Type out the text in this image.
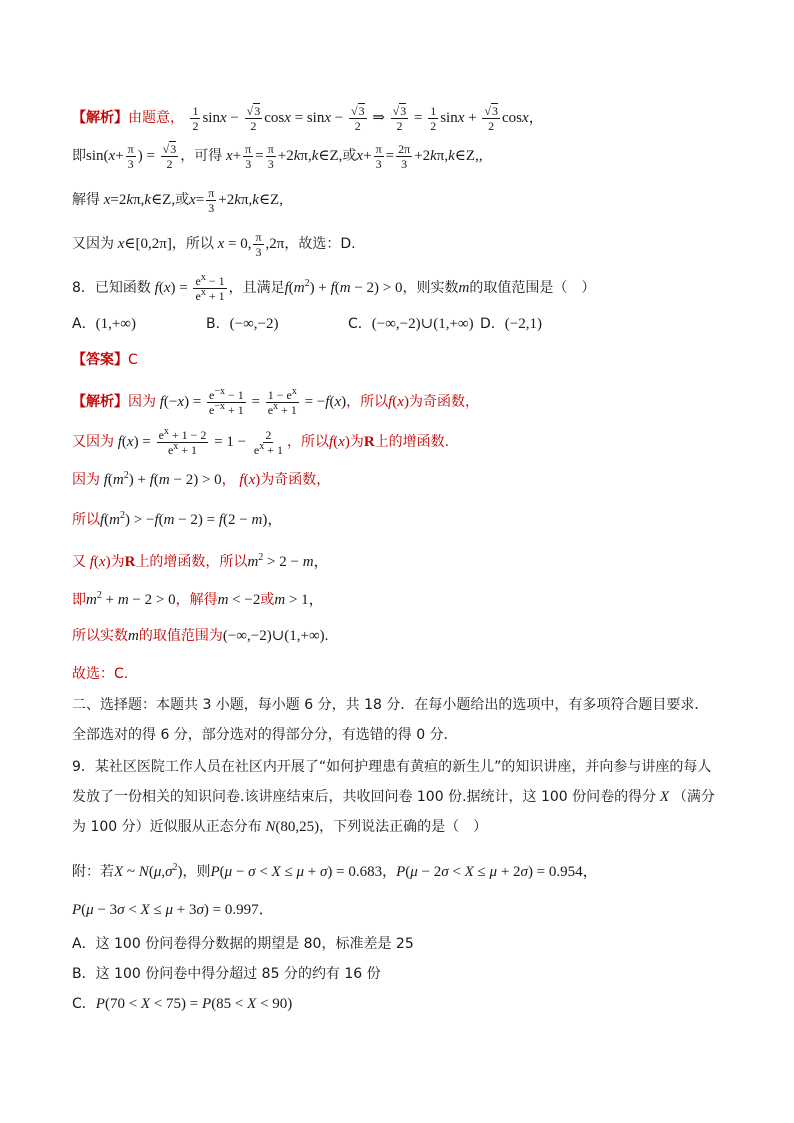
【解析】由题意， $\frac{1}{2}$ $\sin x - \frac{√3}{2}$ $\cos x = \sin x - \frac{√3}{2}$ ⇒ $\frac{√3}{2} = \frac{1}{2}$ $\sin x + \frac{√3}{2}$ cosx，
即$\sin(x+ \frac{\pi}{3}$ ) = $\frac{√3}{2}$ ，可得 $x+ \frac{\pi}{3} = \frac{\pi}{3}$ +2kπ,k∈Z,或$x+ \frac{\pi}{3} = \frac{2\pi}{3}$ +2kπ,k∈Z,,
解得 x=2kπ,k∈Z,或$x= \frac{\pi}{3}$ +2kπ,k∈Z,
又因为 x∈[0,2π]，所以 x = 0, $\frac{\pi}{3} ,2\pi$，故选：D.
8．已知函数 $f(x) = \frac{e^x - 1}{e^x + 1}$ ，且满足$f(m^2) + f(m - 2) > 0$，则实数m的取值范围是（　）
A．(1,+∞)	B．(−∞,−2)	C．(−∞,−2)∪(1,+∞) D．(−2,1)
【答案】C
【解析】因为 $f(-x) = \frac{e^{-x} - 1}{e^{-x} + 1} = \frac{1 - e^x}{e^x + 1} = -f(x)$，所以f(x)为奇函数，
又因为 $f(x) = \frac{e^x + 1 - 2}{e^x + 1} = 1 - \frac{2}{e^x + 1}$ ，所以f(x)为R上的增函数.
因为 $f(m^2) + f(m - 2) > 0$， f(x)为奇函数，
所以$f(m^2) > -f(m - 2) = f(2 - m)$，
又 f(x)为R上的增函数，所以$m^2 > 2 - m$，
即$m^2 + m - 2 > 0$，解得m < −2或m > 1，
所以实数m的取值范围为(−∞,−2)∪(1,+∞).
故选：C.
二、选择题：本题共 3 小题，每小题 6 分，共 18 分．在每小题给出的选项中，有多项符合题目要求．全部选对的得 6 分，部分选对的得部分分，有选错的得 0 分．
9．某社区医院工作人员在社区内开展了“如何护理患有黄疸的新生儿”的知识讲座，并向参与讲座的每人发放了一份相关的知识问卷.该讲座结束后，共收回问卷 100 份.据统计，这 100 份问卷的得分 X （满分为 100 分）近似服从正态分布 N(80,25)，下列说法正确的是（　）
附：若X ~ $N(\mu,\sigma^2)$，则P(μ − σ < X ≤ μ + σ) = 0.683，P(μ − 2σ < X ≤ μ + 2σ) = 0.954，
P(μ − 3σ < X ≤ μ + 3σ) = 0.997．
A．这 100 份问卷得分数据的期望是 80，标准差是 25
B．这 100 份问卷中得分超过 85 分的约有 16 份
C．P(70 < X < 75) = P(85 < X < 90)
